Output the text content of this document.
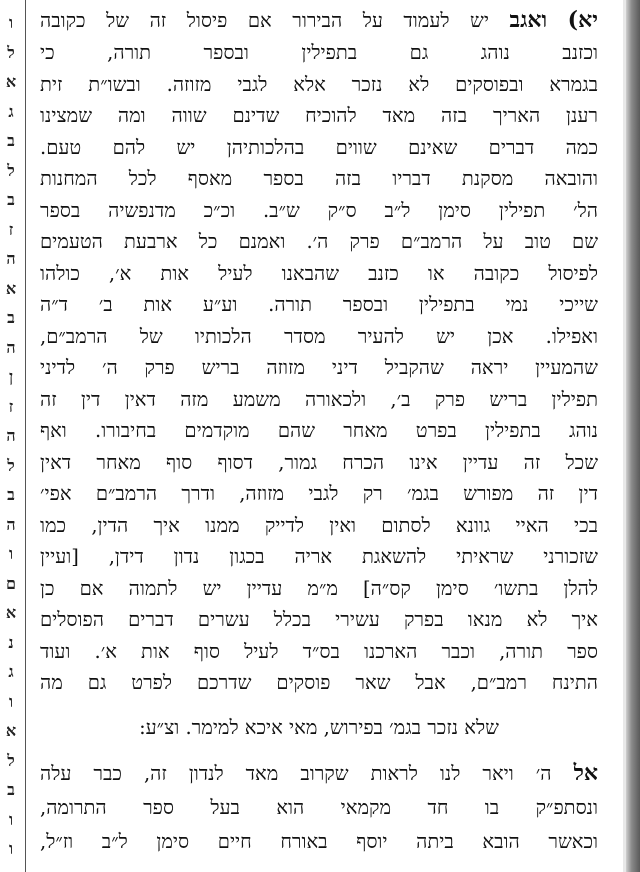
ו
ל
א
ג
ב
ל
ב
ז
ה
א
ב
ה
ן
ז
ה
ל
ב
ה
ו
ם
א
נ
ג
ו
א
ל
ב
ו
ו
יא) ואגב יש לעמוד על הבירור אם פיסול זה של כקובה
וכזנב נוהג גם בתפילין ובספר תורה, כי
בגמרא ובפוסקים לא נזכר אלא לגבי מזוזה. ובשו״ת זית
רענן האריך בזה מאד להוכיח שדינם שווה ומה שמצינו
כמה דברים שאינם שווים בהלכותיהן יש להם טעם.
והובאה מסקנת דבריו בזה בספר מאסף לכל המחנות
הל׳ תפילין סימן ל״ב ס״ק ש״ב. וכ״כ מדנפשיה בספר
שם טוב על הרמב״ם פרק ה׳. ואמנם כל ארבעת הטעמים
לפיסול כקובה או כזנב שהבאנו לעיל אות א׳, כולהו
שייכי נמי בתפילין ובספר תורה. וע״ע אות ב׳ ד״ה
ואפילו. אכן יש להעיר מסדר הלכותיו של הרמב״ם,
שהמעיין יראה שהקביל דיני מזוזה בריש פרק ה׳ לדיני
תפילין בריש פרק ב׳, ולכאורה משמע מזה דאין דין זה
נוהג בתפילין בפרט מאחר שהם מוקדמים בחיבורו. ואף
שכל זה עדיין אינו הכרח גמור, דסוף סוף מאחר דאין
דין זה מפורש בגמ׳ רק לגבי מזוזה, ודרך הרמב״ם אפי׳
בכי האיי גוונא לסתום ואין לדייק ממנו איך הדין, כמו
שזכורני שראיתי להשאגת אריה בכגון נדון דידן, [ועיין
להלן בתשו׳ סימן קס״ה] מ״מ עדיין יש לתמוה אם כן
איך לא מנאו בפרק עשירי בכלל עשרים דברים הפוסלים
ספר תורה, וכבר הארכנו בס״ד לעיל סוף אות א׳. ועוד
התינח רמב״ם, אבל שאר פוסקים שדרכם לפרט גם מה
שלא נזכר בגמ׳ בפירוש, מאי איכא למימר. וצ״ע:
אל ה׳ ויאר לנו לראות שקרוב מאד לנדון זה, כבר עלה
ונסתפ״ק בו חד מקמאי הוא בעל ספר התרומה,
וכאשר הובא ביתה יוסף באורח חיים סימן ל״ב וז״ל,
